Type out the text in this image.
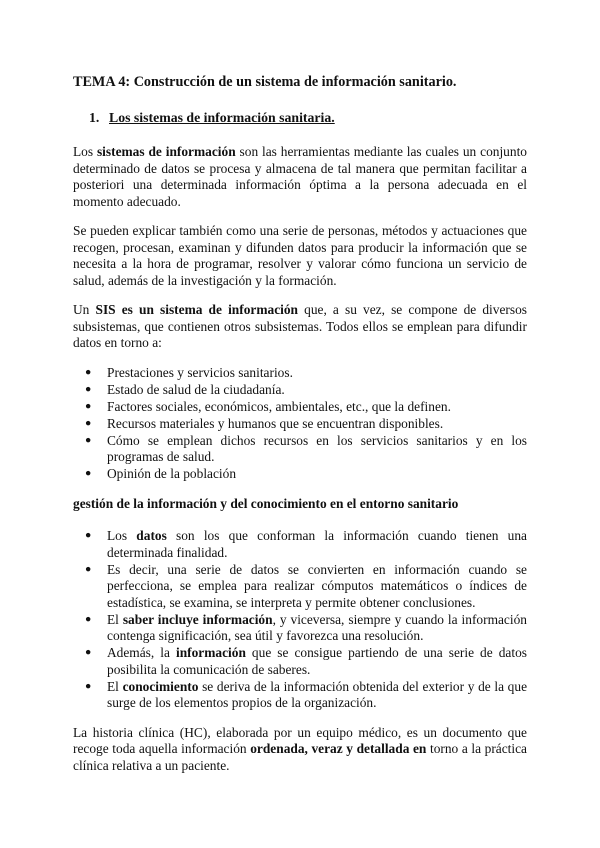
TEMA 4: Construcción de un sistema de información sanitario.
1. Los sistemas de información sanitaria.

Los sistemas de información son las herramientas mediante las cuales un conjunto determinado de datos se procesa y almacena de tal manera que permitan facilitar a posteriori una determinada información óptima a la persona adecuada en el momento adecuado.

Se pueden explicar también como una serie de personas, métodos y actuaciones que recogen, procesan, examinan y difunden datos para producir la información que se necesita a la hora de programar, resolver y valorar cómo funciona un servicio de salud, además de la investigación y la formación.

Un SIS es un sistema de información que, a su vez, se compone de diversos subsistemas, que contienen otros subsistemas. Todos ellos se emplean para difundir datos en torno a:

● Prestaciones y servicios sanitarios.
● Estado de salud de la ciudadanía.
● Factores sociales, económicos, ambientales, etc., que la definen.
● Recursos materiales y humanos que se encuentran disponibles.
● Cómo se emplean dichos recursos en los servicios sanitarios y en los programas de salud.
● Opinión de la población
gestión de la información y del conocimiento en el entorno sanitario
● Los datos son los que conforman la información cuando tienen una determinada finalidad.
● Es decir, una serie de datos se convierten en información cuando se perfecciona, se emplea para realizar cómputos matemáticos o índices de estadística, se examina, se interpreta y permite obtener conclusiones.
● El saber incluye información, y viceversa, siempre y cuando la información contenga significación, sea útil y favorezca una resolución.
● Además, la información que se consigue partiendo de una serie de datos posibilita la comunicación de saberes.
● El conocimiento se deriva de la información obtenida del exterior y de la que surge de los elementos propios de la organización.

La historia clínica (HC), elaborada por un equipo médico, es un documento que recoge toda aquella información ordenada, veraz y detallada en torno a la práctica clínica relativa a un paciente.
